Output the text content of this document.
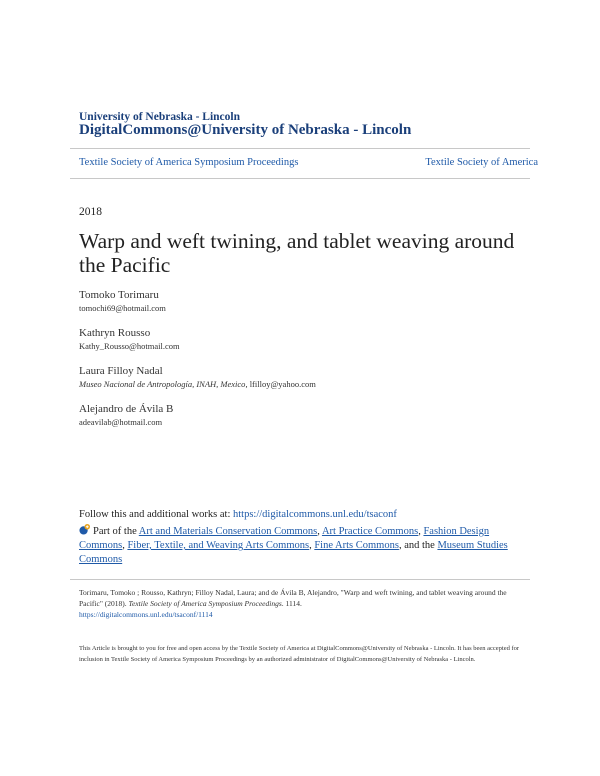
University of Nebraska - Lincoln
DigitalCommons@University of Nebraska - Lincoln
Textile Society of America Symposium Proceedings	Textile Society of America
2018
Warp and weft twining, and tablet weaving around the Pacific
Tomoko Torimaru
tomochi69@hotmail.com
Kathryn Rousso
Kathy_Rousso@hotmail.com
Laura Filloy Nadal
Museo Nacional de Antropología, INAH, Mexico, lfilloy@yahoo.com
Alejandro de Ávila B
adeavilab@hotmail.com
Follow this and additional works at: https://digitalcommons.unl.edu/tsaconf
Part of the Art and Materials Conservation Commons, Art Practice Commons, Fashion Design Commons, Fiber, Textile, and Weaving Arts Commons, Fine Arts Commons, and the Museum Studies Commons
Torimaru, Tomoko ; Rousso, Kathryn; Filloy Nadal, Laura; and de Ávila B, Alejandro, "Warp and weft twining, and tablet weaving around the Pacific" (2018). Textile Society of America Symposium Proceedings. 1114.
https://digitalcommons.unl.edu/tsaconf/1114
This Article is brought to you for free and open access by the Textile Society of America at DigitalCommons@University of Nebraska - Lincoln. It has been accepted for inclusion in Textile Society of America Symposium Proceedings by an authorized administrator of DigitalCommons@University of Nebraska - Lincoln.
